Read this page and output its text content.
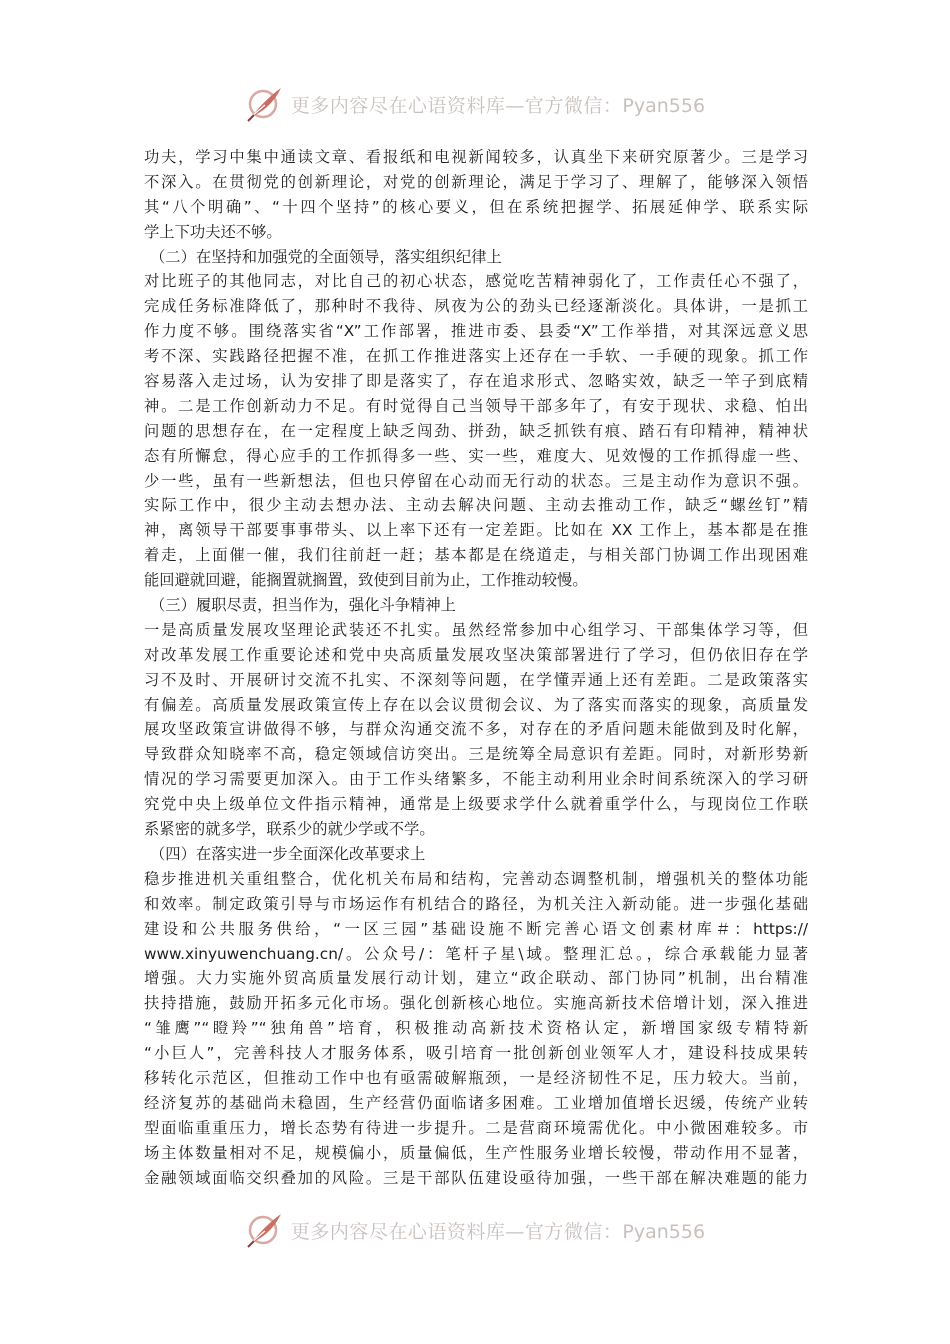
更多内容尽在心语资料库—官方微信：Pyan556
功夫，学习中集中通读文章、看报纸和电视新闻较多，认真坐下来研究原著少。三是学习
不深入。在贯彻党的创新理论，对党的创新理论，满足于学习了、理解了，能够深入领悟
其“八个明确”、“十四个坚持”的核心要义，但在系统把握学、拓展延伸学、联系实际
学上下功夫还不够。
（二）在坚持和加强党的全面领导，落实组织纪律上
对比班子的其他同志，对比自己的初心状态，感觉吃苦精神弱化了，工作责任心不强了，
完成任务标准降低了，那种时不我待、夙夜为公的劲头已经逐渐淡化。具体讲，一是抓工
作力度不够。围绕落实省“X”工作部署，推进市委、县委“X”工作举措，对其深远意义思
考不深、实践路径把握不准，在抓工作推进落实上还存在一手软、一手硬的现象。抓工作
容易落入走过场，认为安排了即是落实了，存在追求形式、忽略实效，缺乏一竿子到底精
神。二是工作创新动力不足。有时觉得自己当领导干部多年了，有安于现状、求稳、怕出
问题的思想存在，在一定程度上缺乏闯劲、拼劲，缺乏抓铁有痕、踏石有印精神，精神状
态有所懈怠，得心应手的工作抓得多一些、实一些，难度大、见效慢的工作抓得虚一些、
少一些，虽有一些新想法，但也只停留在心动而无行动的状态。三是主动作为意识不强。
实际工作中，很少主动去想办法、主动去解决问题、主动去推动工作，缺乏“螺丝钉”精
神，离领导干部要事事带头、以上率下还有一定差距。比如在 XX 工作上，基本都是在推
着走，上面催一催，我们往前赶一赶；基本都是在绕道走，与相关部门协调工作出现困难
能回避就回避，能搁置就搁置，致使到目前为止，工作推动较慢。
（三）履职尽责，担当作为，强化斗争精神上
一是高质量发展攻坚理论武装还不扎实。虽然经常参加中心组学习、干部集体学习等，但
对改革发展工作重要论述和党中央高质量发展攻坚决策部署进行了学习，但仍依旧存在学
习不及时、开展研讨交流不扎实、不深刻等问题，在学懂弄通上还有差距。二是政策落实
有偏差。高质量发展政策宣传上存在以会议贯彻会议、为了落实而落实的现象，高质量发
展攻坚政策宣讲做得不够，与群众沟通交流不多，对存在的矛盾问题未能做到及时化解，
导致群众知晓率不高，稳定领域信访突出。三是统筹全局意识有差距。同时，对新形势新
情况的学习需要更加深入。由于工作头绪繁多，不能主动利用业余时间系统深入的学习研
究党中央上级单位文件指示精神，通常是上级要求学什么就着重学什么，与现岗位工作联
系紧密的就多学，联系少的就少学或不学。
（四）在落实进一步全面深化改革要求上
稳步推进机关重组整合，优化机关布局和结构，完善动态调整机制，增强机关的整体功能
和效率。制定政策引导与市场运作有机结合的路径，为机关注入新动能。进一步强化基础
建设和公共服务供给，“一区三园”基础设施不断完善心语文创素材库＃：https://
www.xinyuwenchuang.cn/。公众号/：笔杆子星\域。整理汇总。，综合承载能力显著
增强。大力实施外贸高质量发展行动计划，建立“政企联动、部门协同”机制，出台精准
扶持措施，鼓励开拓多元化市场。强化创新核心地位。实施高新技术倍增计划，深入推进
“雏鹰”“瞪羚”“独角兽”培育，积极推动高新技术资格认定，新增国家级专精特新
“小巨人”，完善科技人才服务体系，吸引培育一批创新创业领军人才，建设科技成果转
移转化示范区，但推动工作中也有亟需破解瓶颈，一是经济韧性不足，压力较大。当前，
经济复苏的基础尚未稳固，生产经营仍面临诸多困难。工业增加值增长迟缓，传统产业转
型面临重重压力，增长态势有待进一步提升。二是营商环境需优化。中小微困难较多。市
场主体数量相对不足，规模偏小，质量偏低，生产性服务业增长较慢，带动作用不显著，
金融领域面临交织叠加的风险。三是干部队伍建设亟待加强，一些干部在解决难题的能力
更多内容尽在心语资料库—官方微信：Pyan556
